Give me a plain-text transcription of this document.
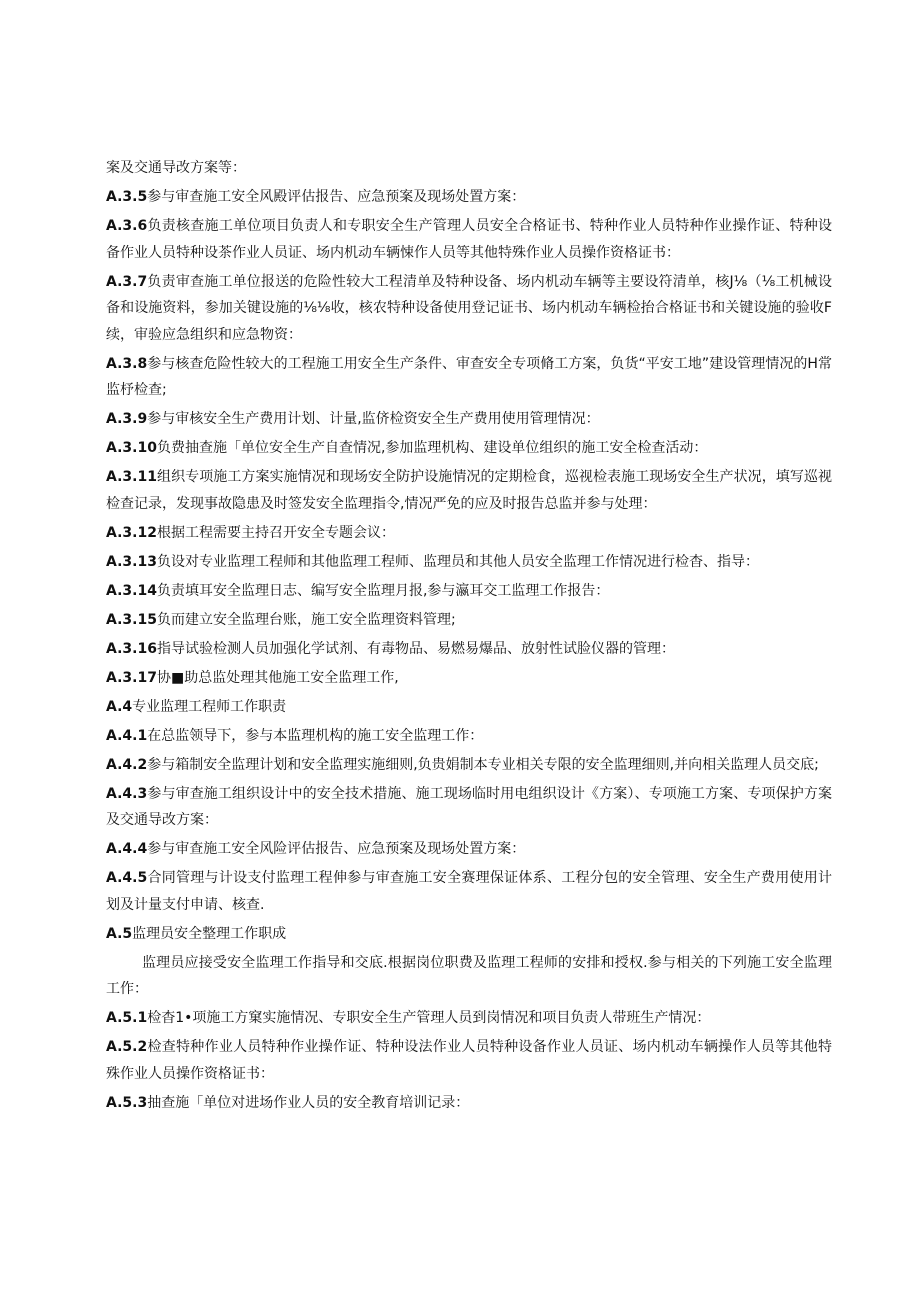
案及交通导改方案等：

A.3.5参与审查施工安全风殿评估报告、应急预案及现场处置方案：

A.3.6负责核查施工单位项目负责人和专职安全生产管理人员安全合格证书、特种作业人员特种作业操作证、特种设备作业人员特种设茶作业人员证、场内机动车辆悚作人员等其他特殊作业人员操作资格证书：

A.3.7负责审查施工单位报送的危险性较大工程清单及特种设备、场内机动车辆等主要设符清单，核J⅛（⅛工机械设备和设施资料，参加关键设施的⅛⅛收，核农特种设备使用登记证书、场内机动车辆检抬合格证书和关键设施的验收F续，审验应急组织和应急物资：

A.3.8参与核查危险性较大的工程施工用安全生产条件、审查安全专项脩工方案，负货“平安工地”建设管理情况的H常监杼检查;

A.3.9参与审核安全生产费用计划、计量,监侪检资安全生产费用使用管理情况：

A.3.10负费抽查施「单位安全生产自查情况,参加监理机构、建设单位组织的施工安全检查活动：

A.3.11组织专项施工方案实施情况和现场安全防护设施情况的定期检食，巡视检表施工现场安全生产状况，填写巡视检查记录，发现事故隐患及时签发安全监理指令,情况严免的应及时报告总监并参与处理：

A.3.12根据工程需要主持召开安全专题会议：

A.3.13负设对专业监理工程师和其他监理工程师、监理员和其他人员安全监理工作情况进行检杳、指导：

A.3.14负责填耳安全监理日志、编写安全监理月报,参与瀛耳交工监理工作报告：

A.3.15负而建立安全监理台账，施工安全监理资料管理;

A.3.16指导试验检测人员加强化学试剂、有毒物品、易燃易爆品、放射性试脸仪器的管理：

A.3.17协■助总监处理其他施工安全监理工作,

A.4专业监理工程师工作职责

A.4.1在总监领导下，参与本监理机构的施工安全监理工作：

A.4.2参与箱制安全监理计划和安全监理实施细则,负贵娟制本专业相关专限的安全监理细则,并向相关监理人员交底;

A.4.3参与审查施工组织设计中的安全技术措施、施工现场临时用电组织设计《方案）、专项施工方案、专项保护方案及交通导改方案：

A.4.4参与审查施工安全风险评估报告、应急预案及现场处置方案：

A.4.5合同管理与计设支付监理工程伸参与审查施工安全赛理保证体系、工程分包的安全管理、安全生产费用使用计划及计量支付申请、核查.

A.5监理员安全整理工作职成

监理员应接受安全监理工作指导和交底.根据岗位职费及监理工程师的安排和授权.参与相关的下列施工安全监理工作：

A.5.1检杳1•项施工方窠实施情况、专职安全生产管理人员到岗情况和项目负责人带班生产情况：

A.5.2检查特种作业人员特种作业操作证、特种设法作业人员特种设备作业人员证、场内机动车辆操作人员等其他特殊作业人员操作资格证书：

A.5.3抽查施「单位对进场作业人员的安全教育培训记录：
